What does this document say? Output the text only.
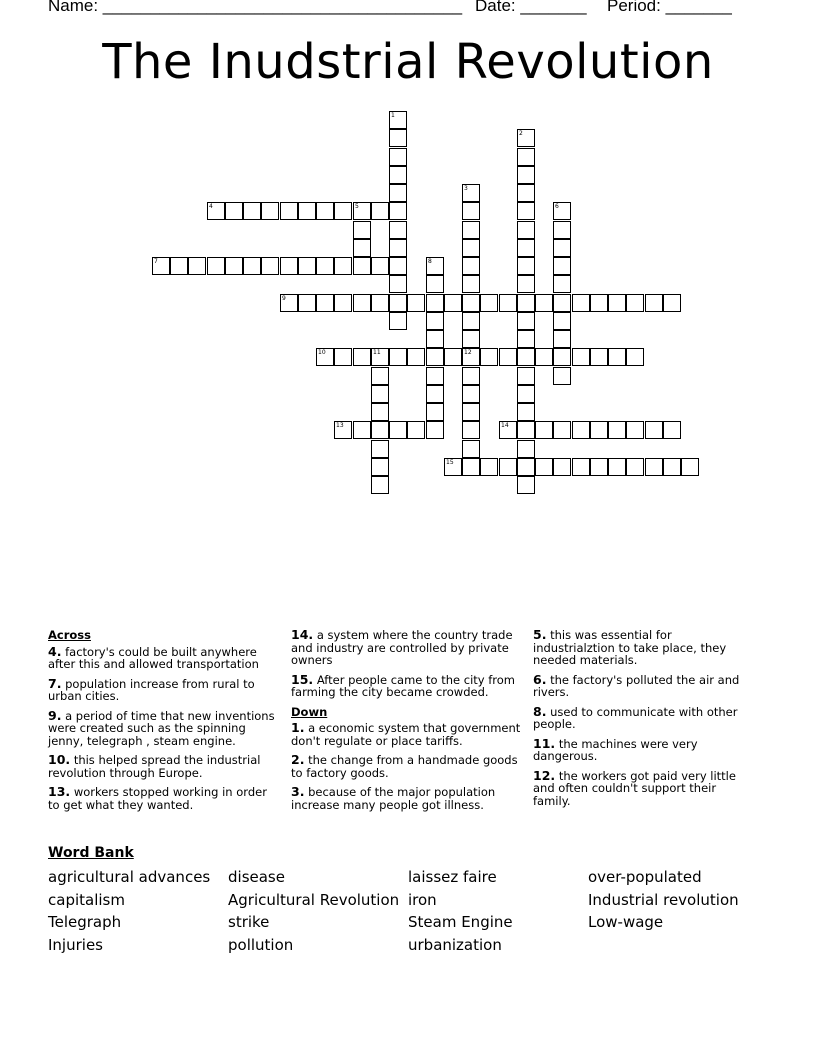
Name: ______________________________________ Date: _______ Period: _______
The Inudstrial Revolution
1
2
3
4	5	6
7	8
9
10	11	12
13	14
15
Across
4. factory's could be built anywhere after this and allowed transportation
7. population increase from rural to urban cities.
9. a period of time that new inventions were created such as the spinning jenny, telegraph , steam engine.
10. this helped spread the industrial revolution through Europe.
13. workers stopped working in order to get what they wanted.
14. a system where the country trade and industry are controlled by private owners
15. After people came to the city from farming the city became crowded.
Down
1. a economic system that government don't regulate or place tariffs.
2. the change from a handmade goods to factory goods.
3. because of the major population increase many people got illness.
5. this was essential for industrialztion to take place, they needed materials.
6. the factory's polluted the air and rivers.
8. used to communicate with other people.
11. the machines were very dangerous.
12. the workers got paid very little and often couldn't support their family.
Word Bank
agricultural advances
capitalism
Telegraph
Injuries
disease
Agricultural Revolution
strike
pollution
laissez faire
iron
Steam Engine
urbanization
over-populated
Industrial revolution
Low-wage
